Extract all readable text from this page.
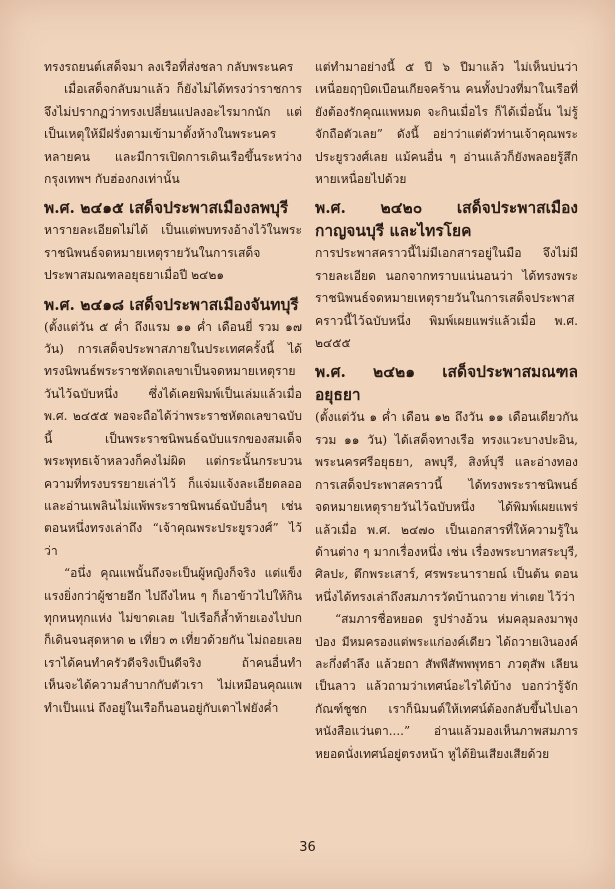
ทรงรถยนต์เสด็จมา ลงเรือที่ส่งชลา กลับพระนคร

เมื่อเสด็จกลับมาแล้ว ก็ยังไม่ได้ทรงว่าราชการ จึงไม่ปรากฏว่าทรงเปลี่ยนแปลงอะไรมากนัก แต่เป็นเหตุให้มีฝรั่งตามเข้ามาตั้งห้างในพระนครหลายคน และมีการเปิดการเดินเรือขึ้นระหว่างกรุงเทพฯ กับฮ่องกงเท่านั้น

พ.ศ. ๒๔๑๕ เสด็จประพาสเมืองลพบุรี

หารายละเอียดไม่ได้ เป็นแต่พบทรงอ้างไว้ในพระราชนิพนธ์จดหมายเหตุรายวันในการเสด็จประพาสมณฑลอยุธยาเมื่อปี ๒๔๒๑

พ.ศ. ๒๔๑๘ เสด็จประพาสเมืองจันทบุรี

(ตั้งแต่วัน ๕ ค่ำ ถึงแรม ๑๑ ค่ำ เดือนยี่ รวม ๑๗ วัน) การเสด็จประพาสภายในประเทศครั้งนี้ ได้ทรงนิพนธ์พระราชหัตถเลขาเป็นจดหมายเหตุรายวันไว้ฉบับหนึ่ง ซึ่งได้เคยพิมพ์เป็นเล่มแล้วเมื่อ พ.ศ. ๒๔๕๕ พอจะถือได้ว่าพระราชหัตถเลขาฉบับนี้ เป็นพระราชนิพนธ์ฉบับแรกของสมเด็จพระพุทธเจ้าหลวงก็คงไม่ผิด แต่กระนั้นกระบวนความที่ทรงบรรยายเล่าไว้ ก็แจ่มแจ้งละเอียดลออ และอ่านเพลินไม่แพ้พระราชนิพนธ์ฉบับอื่นๆ เช่นตอนหนึ่งทรงเล่าถึง “เจ้าคุณพระประยูรวงศ์” ไว้ว่า

“อนึ่ง คุณแพนั้นถึงจะเป็นผู้หญิงก็จริง แต่แข็งแรงยิ่งกว่าผู้ชายอีก ไปถึงไหน ๆ ก็เอาข้าวไปให้กินทุกหนทุกแห่ง ไม่ขาดเลย ไปเรือก็ล้ำท้ายเองไปบกก็เดินจนสุดหาด ๒ เที่ยว ๓ เที่ยวด้วยกัน ไม่ถอยเลย เราได้คนทำครัวดีจริงเป็นดีจริง ถ้าคนอื่นทำ เห็นจะได้ความลำบากกับตัวเรา ไม่เหมือนคุณแพทำเป็นแน่ ถึงอยู่ในเรือก็นอนอยู่กับเตาไฟยังค่ำ

แต่ทำมาอย่างนี้ ๕ ปี ๖ ปีมาแล้ว ไม่เห็นบ่นว่าเหนื่อยฤๅบิดเบือนเกียจคร้าน คนทั้งปวงที่มาในเรือที่ยังต้องรักคุณแพหมด จะกินเมื่อไร ก็ได้เมื่อนั้น ไม่รู้จักถือตัวเลย” ดังนี้ อย่าว่าแต่ตัวท่านเจ้าคุณพระประยูรวงศ์เลย แม้คนอื่น ๆ อ่านแล้วก็ยังพลอยรู้สึกหายเหนื่อยไปด้วย

พ.ศ. ๒๔๒๐ เสด็จประพาสเมืองกาญจนบุรี และไทรโยค

การประพาสคราวนี้ไม่มีเอกสารอยู่ในมือ จึงไม่มีรายละเอียด นอกจากทราบแน่นอนว่า ได้ทรงพระราชนิพนธ์จดหมายเหตุรายวันในการเสด็จประพาสคราวนี้ไว้ฉบับหนึ่ง พิมพ์เผยแพร่แล้วเมื่อ พ.ศ. ๒๔๕๕

พ.ศ. ๒๔๒๑ เสด็จประพาสมณฑลอยุธยา

(ตั้งแต่วัน ๑ ค่ำ เดือน ๑๒ ถึงวัน ๑๑ เดือนเดียวกัน รวม ๑๑ วัน) ได้เสด็จทางเรือ ทรงแวะบางปะอิน, พระนครศรีอยุธยา, ลพบุรี, สิงห์บุรี และอ่างทอง การเสด็จประพาสคราวนี้ ได้ทรงพระราชนิพนธ์จดหมายเหตุรายวันไว้ฉบับหนึ่ง ได้พิมพ์เผยแพร่แล้วเมื่อ พ.ศ. ๒๔๗๐ เป็นเอกสารที่ให้ความรู้ในด้านต่าง ๆ มากเรื่องหนึ่ง เช่น เรื่องพระบาทสระบุรี, ศิลปะ, ตึกพระเสาร์, ศรพระนารายณ์ เป็นต้น ตอนหนึ่งได้ทรงเล่าถึงสมภารวัดบ้านถวาย ท่าเตย ไว้ว่า

“สมภารชื่อหยอด รูปร่างอ้วน ห่มคลุมลงมาพุงป่อง มีหมครองแต่พระแก่องค์เดียว ได้ถวายเงินองค์ละกึ่งตำลึง แล้วยถา สัพพีสัพพพุทธา ภวตุสัพ เลียนเป็นลาว แล้วถามว่าเทศน์อะไรได้บ้าง บอกว่ารู้จักกัณฑ์ชูชก เราก็นิมนต์ให้เทศน์ต้องกลับขึ้นไปเอาหนังสือแว่นตา....” อ่านแล้วมองเห็นภาพสมภารหยอดนั่งเทศน์อยู่ตรงหน้า หูได้ยินเสียงเสียด้วย

36
